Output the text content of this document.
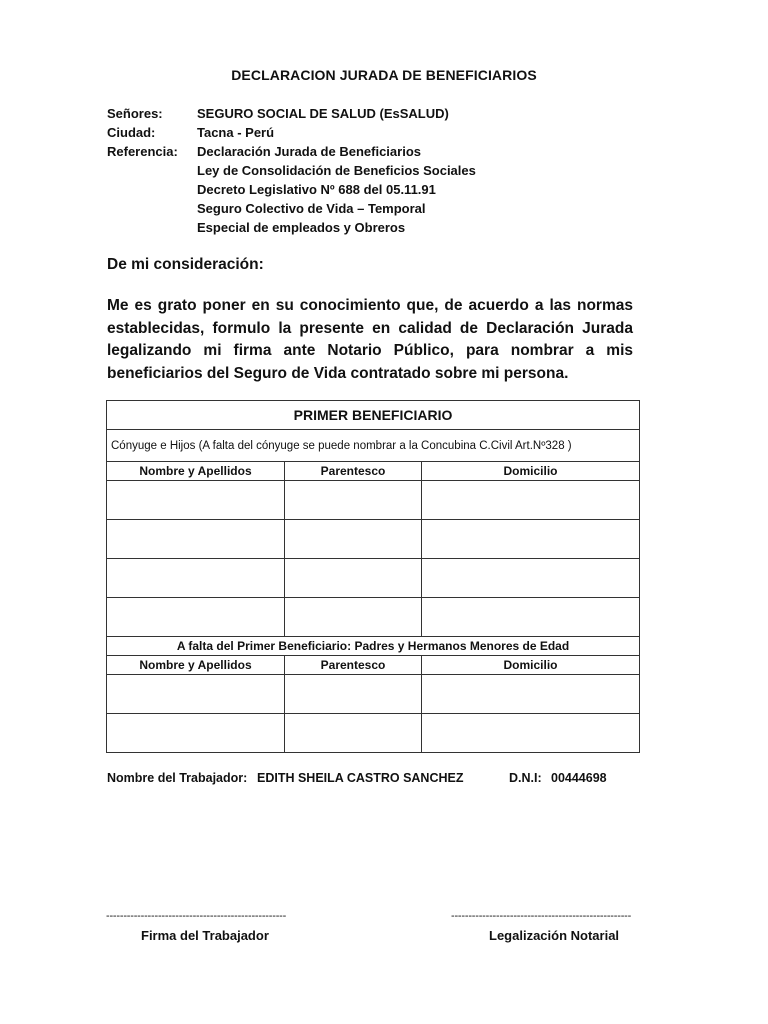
DECLARACION JURADA DE BENEFICIARIOS
Señores:	SEGURO SOCIAL DE SALUD (EsSALUD)
Ciudad:	Tacna - Perú
Referencia:	Declaración Jurada de Beneficiarios
Ley de Consolidación de Beneficios Sociales
Decreto Legislativo Nº 688 del 05.11.91
Seguro Colectivo de Vida – Temporal
Especial de empleados y Obreros
De mi consideración:
Me es grato poner en su conocimiento que, de acuerdo a las normas establecidas, formulo la presente en calidad de Declaración Jurada legalizando mi firma ante Notario Público, para nombrar a mis beneficiarios del Seguro de Vida contratado sobre mi persona.
PRIMER BENEFICIARIO		
Cónyuge e Hijos (A falta del cónyuge se puede nombrar a la Concubina C.Civil Art.Nº328 )		
Nombre y Apellidos	Parentesco	Domicilio

A falta del Primer Beneficiario: Padres y Hermanos Menores de Edad		
Nombre y Apellidos	Parentesco	Domicilio

Nombre del Trabajador: EDITH SHEILA CASTRO SANCHEZ	D.N.I: 00444698
----------------------------------------------------	----------------------------------------------------
Firma del Trabajador	Legalización Notarial
